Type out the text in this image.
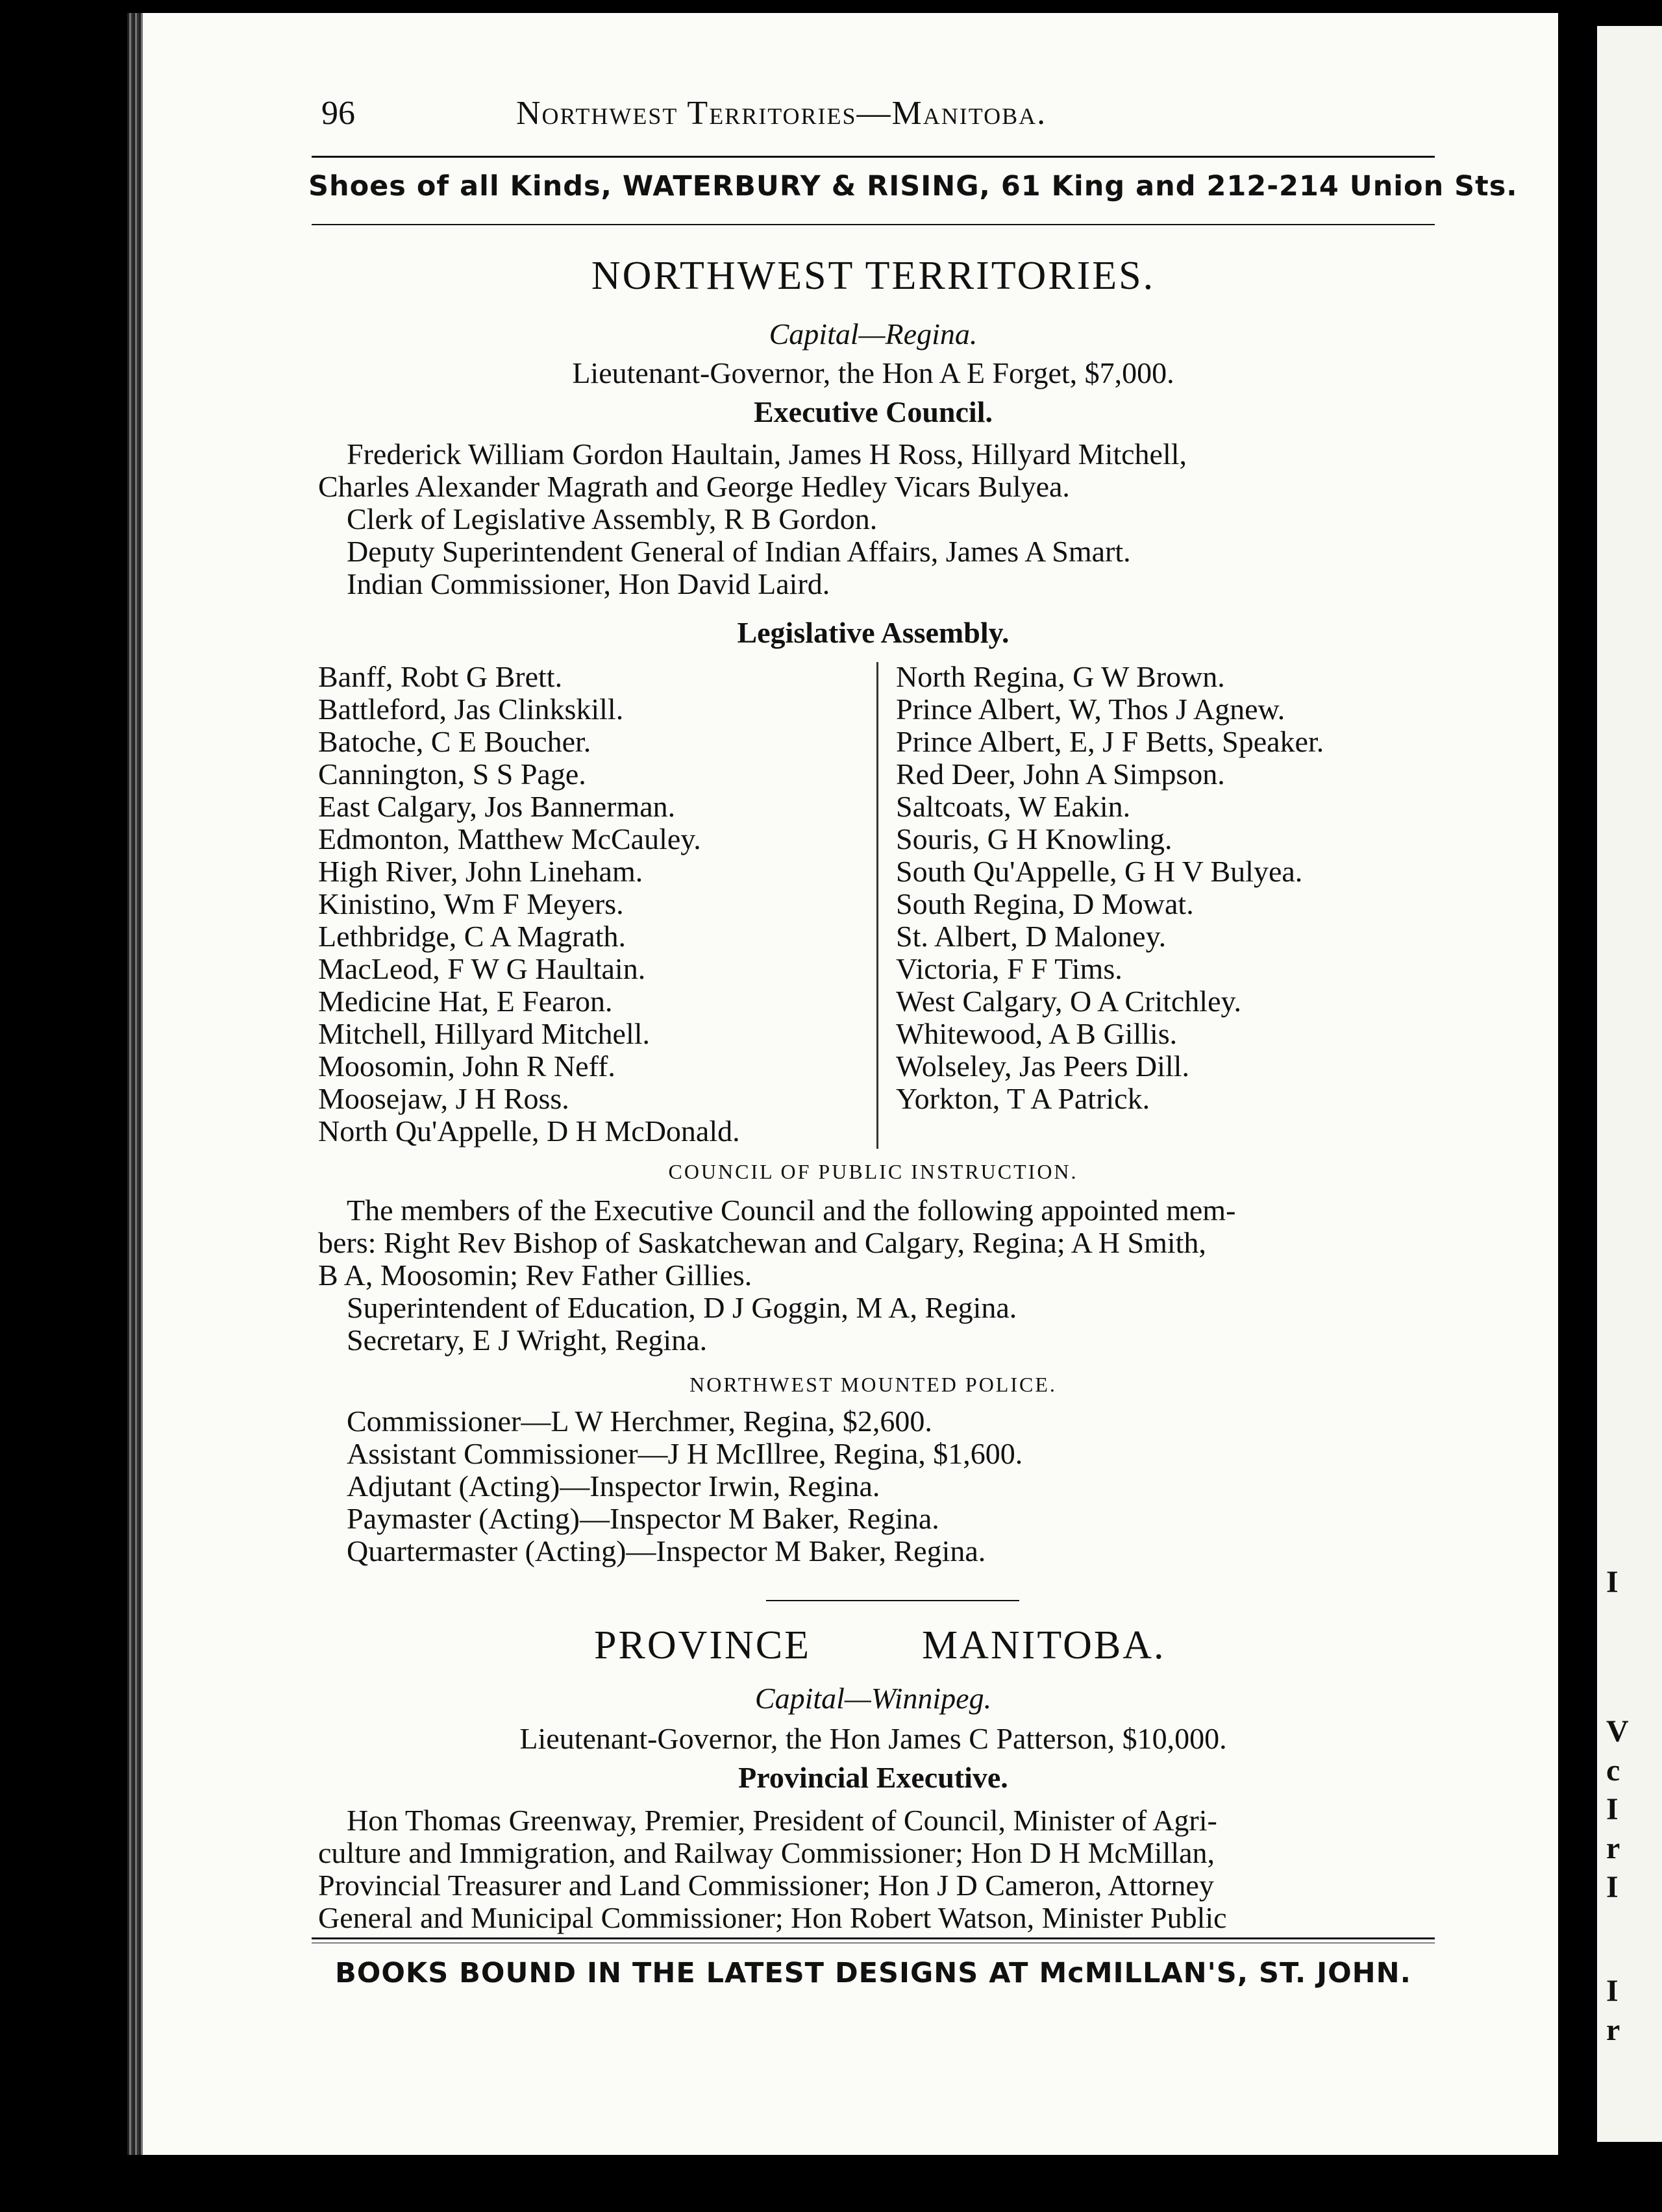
I
V
c
I
r
I
I
r
96	Northwest Territories—Manitoba.
Shoes of all Kinds, WATERBURY & RISING, 61 King and 212-214 Union Sts.
NORTHWEST TERRITORIES.
Capital—Regina.
Lieutenant-Governor, the Hon A E Forget, $7,000.
Executive Council.
Frederick William Gordon Haultain, James H Ross, Hillyard Mitchell,
Charles Alexander Magrath and George Hedley Vicars Bulyea.
Clerk of Legislative Assembly, R B Gordon.
Deputy Superintendent General of Indian Affairs, James A Smart.
Indian Commissioner, Hon David Laird.
Legislative Assembly.
Banff, Robt G Brett.
Battleford, Jas Clinkskill.
Batoche, C E Boucher.
Cannington, S S Page.
East Calgary, Jos Bannerman.
Edmonton, Matthew McCauley.
High River, John Lineham.
Kinistino, Wm F Meyers.
Lethbridge, C A Magrath.
MacLeod, F W G Haultain.
Medicine Hat, E Fearon.
Mitchell, Hillyard Mitchell.
Moosomin, John R Neff.
Moosejaw, J H Ross.
North Qu'Appelle, D H McDonald.
North Regina, G W Brown.
Prince Albert, W, Thos J Agnew.
Prince Albert, E, J F Betts, Speaker.
Red Deer, John A Simpson.
Saltcoats, W Eakin.
Souris, G H Knowling.
South Qu'Appelle, G H V Bulyea.
South Regina, D Mowat.
St. Albert, D Maloney.
Victoria, F F Tims.
West Calgary, O A Critchley.
Whitewood, A B Gillis.
Wolseley, Jas Peers Dill.
Yorkton, T A Patrick.
COUNCIL OF PUBLIC INSTRUCTION.
The members of the Executive Council and the following appointed mem-
bers: Right Rev Bishop of Saskatchewan and Calgary, Regina; A H Smith,
B A, Moosomin; Rev Father Gillies.
Superintendent of Education, D J Goggin, M A, Regina.
Secretary, E J Wright, Regina.
NORTHWEST MOUNTED POLICE.
Commissioner—L W Herchmer, Regina, $2,600.
Assistant Commissioner—J H McIllree, Regina, $1,600.
Adjutant (Acting)—Inspector Irwin, Regina.
Paymaster (Acting)—Inspector M Baker, Regina.
Quartermaster (Acting)—Inspector M Baker, Regina.
PROVINCE	MANITOBA.
Capital—Winnipeg.
Lieutenant-Governor, the Hon James C Patterson, $10,000.
Provincial Executive.
Hon Thomas Greenway, Premier, President of Council, Minister of Agri-
culture and Immigration, and Railway Commissioner; Hon D H McMillan,
Provincial Treasurer and Land Commissioner; Hon J D Cameron, Attorney
General and Municipal Commissioner; Hon Robert Watson, Minister Public
BOOKS BOUND IN THE LATEST DESIGNS AT McMILLAN'S, ST. JOHN.
